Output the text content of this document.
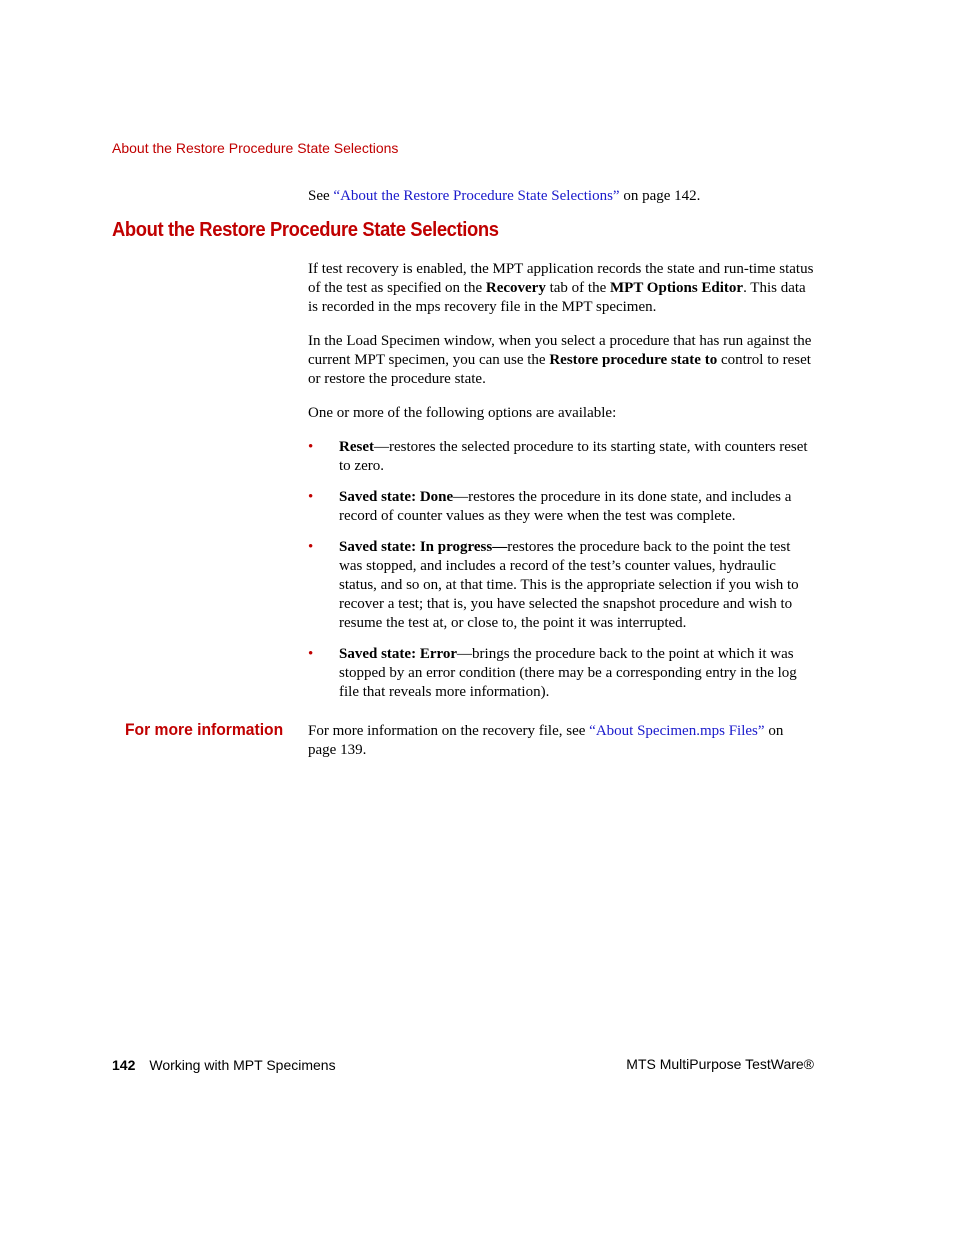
About the Restore Procedure State Selections
See “About the Restore Procedure State Selections” on page 142.
About the Restore Procedure State Selections

If test recovery is enabled, the MPT application records the state and run-time status of the test as specified on the Recovery tab of the MPT Options Editor. This data is recorded in the mps recovery file in the MPT specimen.

In the Load Specimen window, when you select a procedure that has run against the current MPT specimen, you can use the Restore procedure state to control to reset or restore the procedure state.

One or more of the following options are available:

• Reset—restores the selected procedure to its starting state, with counters reset to zero.
• Saved state: Done—restores the procedure in its done state, and includes a record of counter values as they were when the test was complete.
• Saved state: In progress—restores the procedure back to the point the test was stopped, and includes a record of the test’s counter values, hydraulic status, and so on, at that time. This is the appropriate selection if you wish to recover a test; that is, you have selected the snapshot procedure and wish to resume the test at, or close to, the point it was interrupted.
• Saved state: Error—brings the procedure back to the point at which it was stopped by an error condition (there may be a corresponding entry in the log file that reveals more information).
For more information For more information on the recovery file, see “About Specimen.mps Files” on page 139.
142 Working with MPT Specimens	MTS MultiPurpose TestWare®
